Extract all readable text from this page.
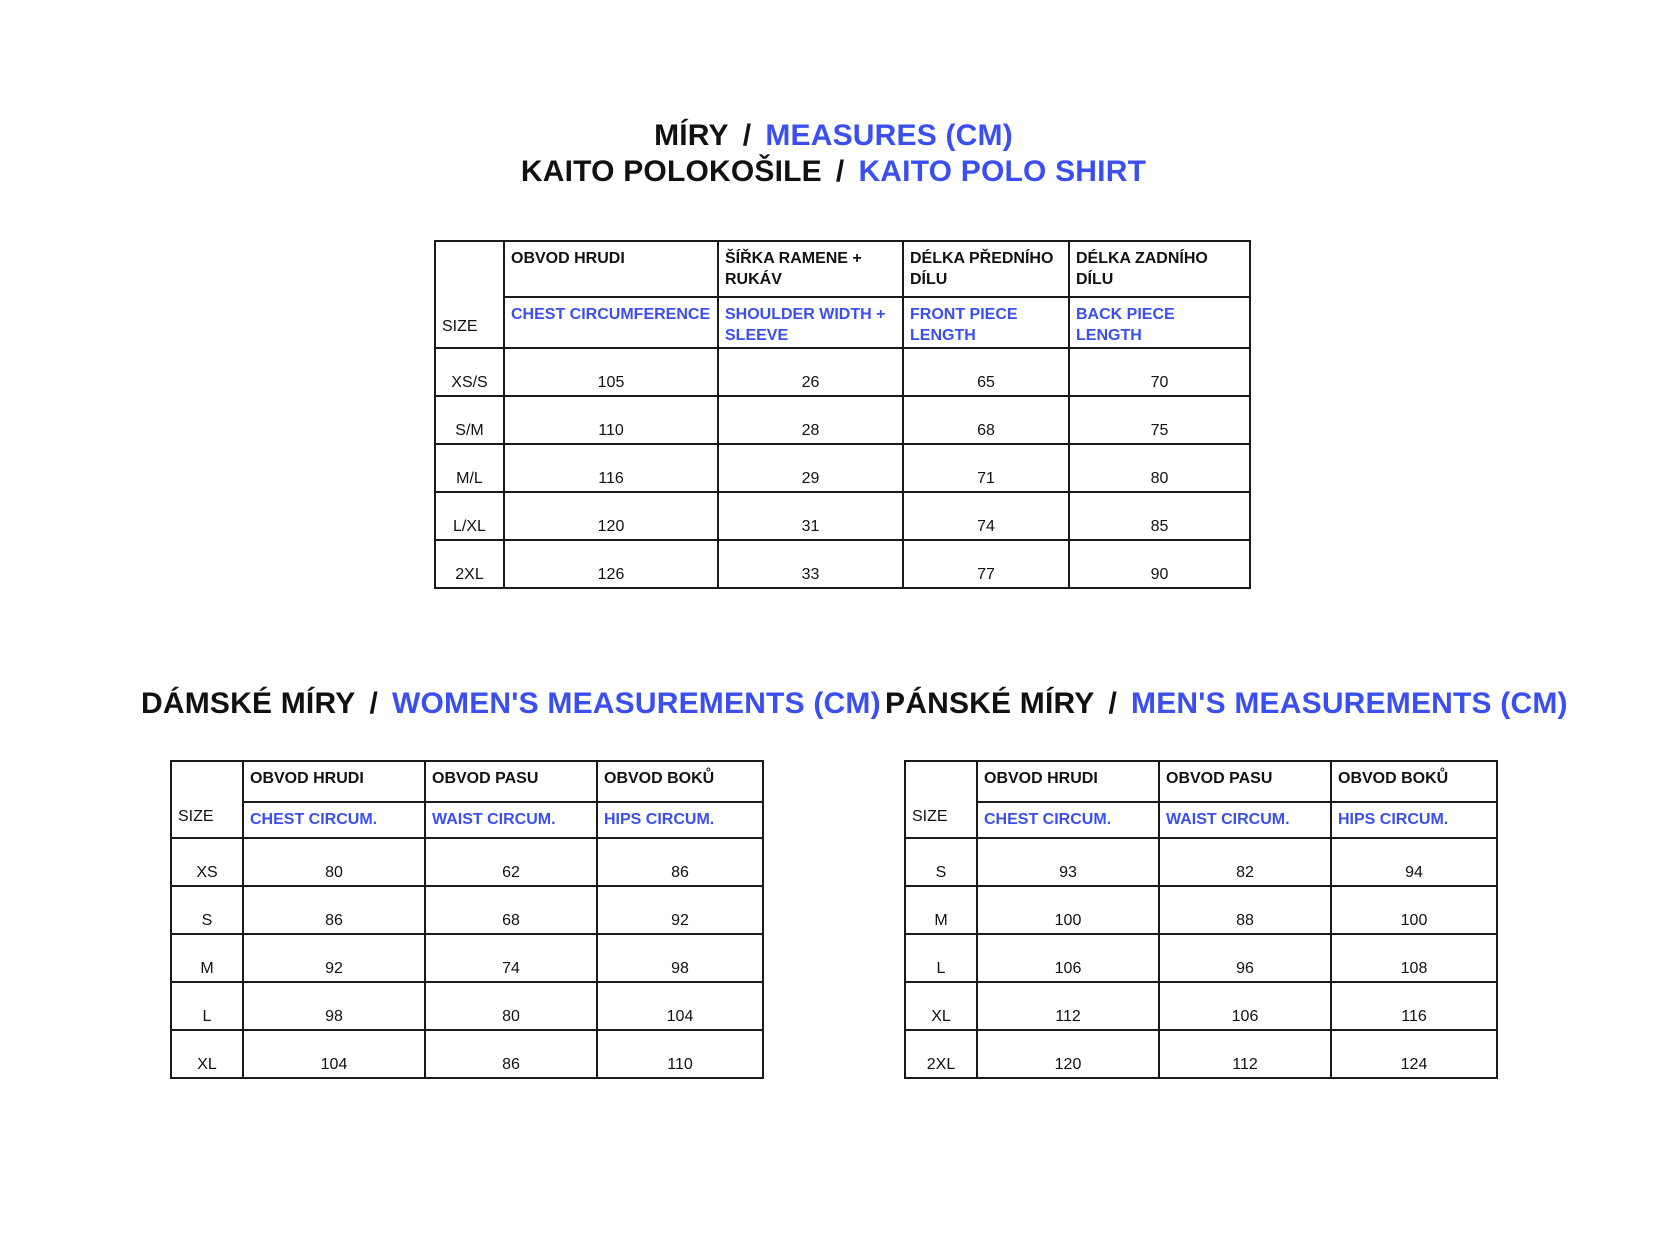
MÍRY / MEASURES (CM)
KAITO POLOKOŠILE / KAITO POLO SHIRT
SIZE	OBVOD HRUDI	ŠÍŘKA RAMENE + RUKÁV	DÉLKA PŘEDNÍHO DÍLU	DÉLKA ZADNÍHO DÍLU
	CHEST CIRCUMFERENCE	SHOULDER WIDTH + SLEEVE	FRONT PIECE LENGTH	BACK PIECE LENGTH
XS/S	105	26	65	70
S/M	110	28	68	75
M/L	116	29	71	80
L/XL	120	31	74	85
2XL	126	33	77	90
DÁMSKÉ MÍRY / WOMEN'S MEASUREMENTS (CM)
SIZE	OBVOD HRUDI	OBVOD PASU	OBVOD BOKŮ
	CHEST CIRCUM.	WAIST CIRCUM.	HIPS CIRCUM.
XS	80	62	86
S	86	68	92
M	92	74	98
L	98	80	104
XL	104	86	110
PÁNSKÉ MÍRY / MEN'S MEASUREMENTS (CM)
SIZE	OBVOD HRUDI	OBVOD PASU	OBVOD BOKŮ
	CHEST CIRCUM.	WAIST CIRCUM.	HIPS CIRCUM.
S	93	82	94
M	100	88	100
L	106	96	108
XL	112	106	116
2XL	120	112	124
